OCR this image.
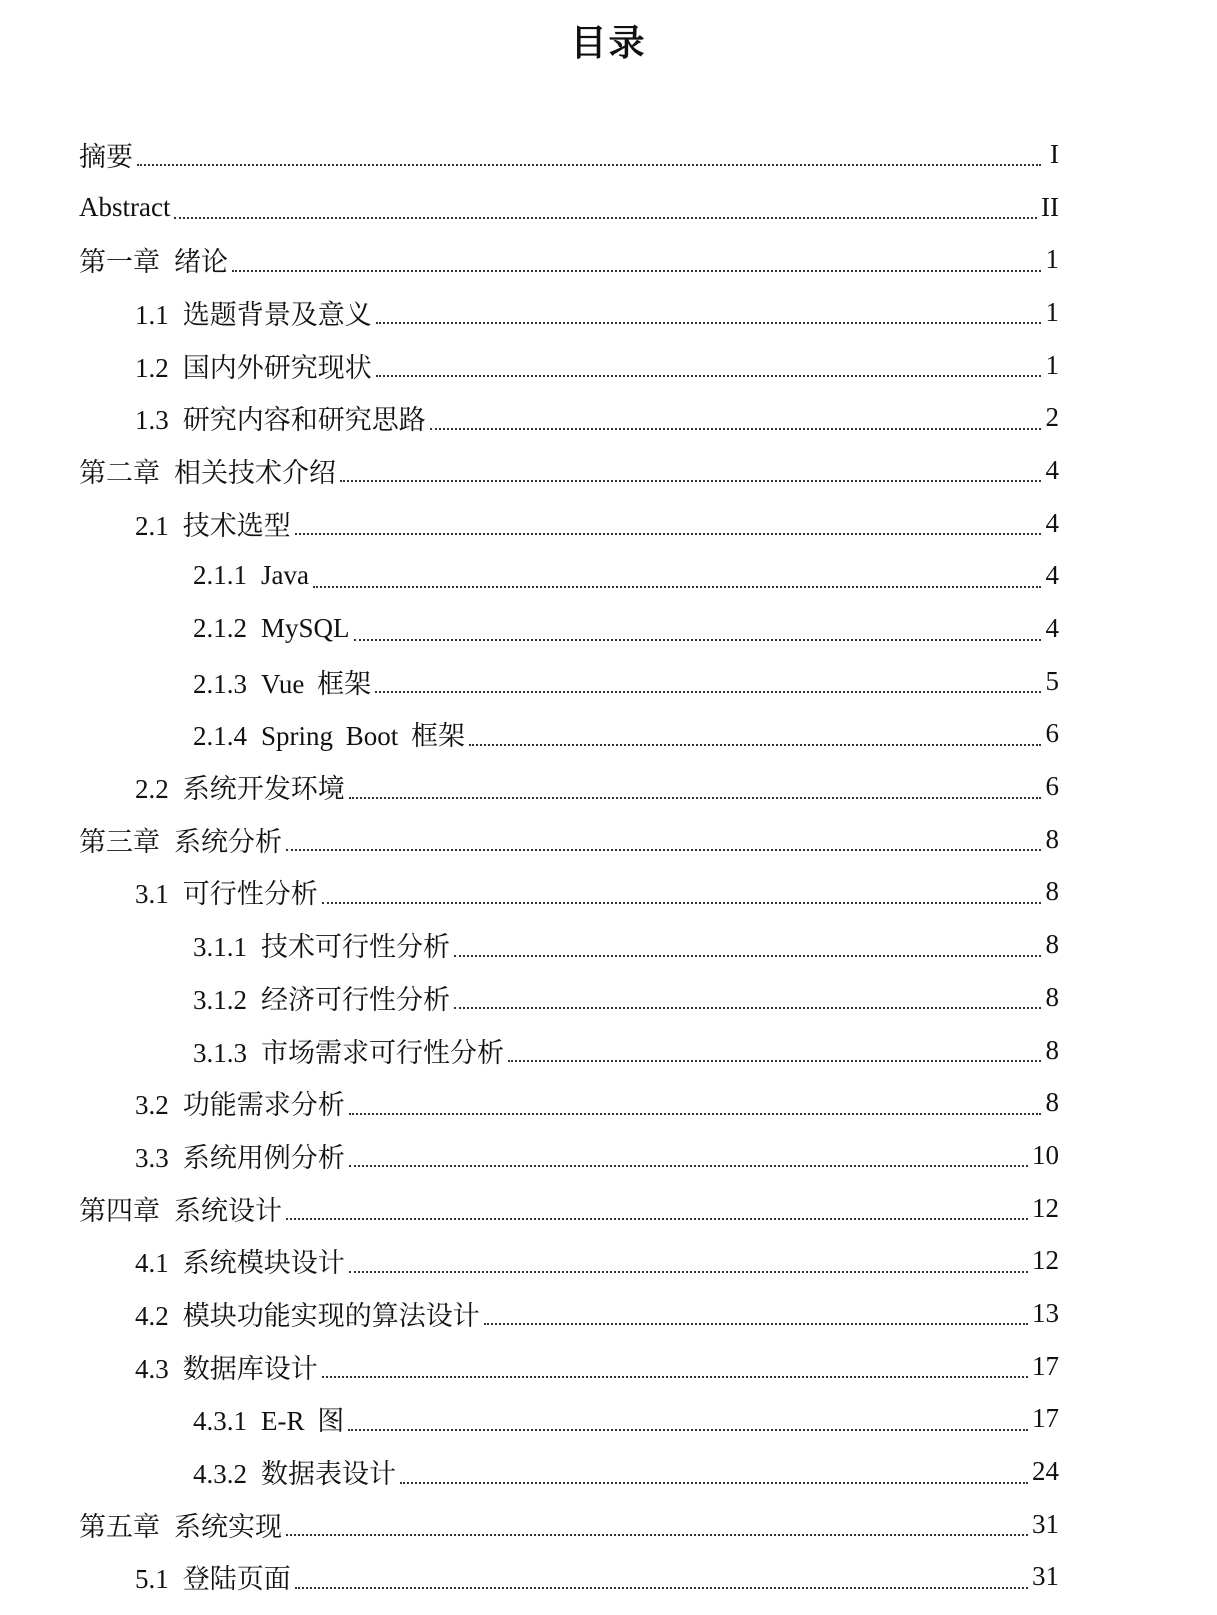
目录
摘要	I
Abstract	II
第一章 绪论	1
1.1 选题背景及意义	1
1.2 国内外研究现状	1
1.3 研究内容和研究思路	2
第二章 相关技术介绍	4
2.1 技术选型	4
2.1.1 Java	4
2.1.2 MySQL	4
2.1.3 Vue 框架	5
2.1.4 Spring Boot 框架	6
2.2 系统开发环境	6
第三章 系统分析	8
3.1 可行性分析	8
3.1.1 技术可行性分析	8
3.1.2 经济可行性分析	8
3.1.3 市场需求可行性分析	8
3.2 功能需求分析	8
3.3 系统用例分析	10
第四章 系统设计	12
4.1 系统模块设计	12
4.2 模块功能实现的算法设计	13
4.3 数据库设计	17
4.3.1 E-R 图	17
4.3.2 数据表设计	24
第五章 系统实现	31
5.1 登陆页面	31
